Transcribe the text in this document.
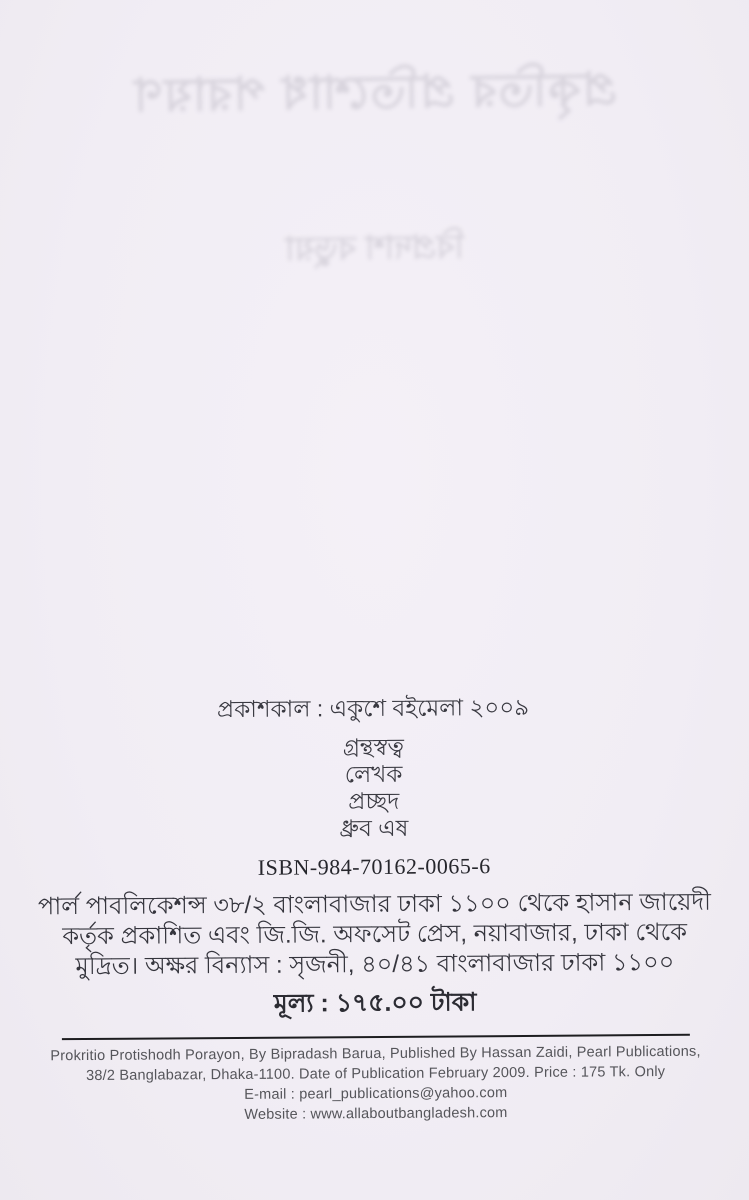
প্রকৃতির প্রতিশোধ পরায়ণ
বিপ্রদাশ বড়ুয়া
প্রকাশকাল : একুশে বইমেলা ২০০৯
গ্রন্থস্বত্ব
লেখক
প্রচ্ছদ
ধ্রুব এষ
ISBN-984-70162-0065-6
পার্ল পাবলিকেশন্স ৩৮/২ বাংলাবাজার ঢাকা ১১০০ থেকে হাসান জায়েদী
কর্তৃক প্রকাশিত এবং জি.জি. অফসেট প্রেস, নয়াবাজার, ঢাকা থেকে
মুদ্রিত। অক্ষর বিন্যাস : সৃজনী, ৪০/৪১ বাংলাবাজার ঢাকা ১১০০
মূল্য : ১৭৫.০০ টাকা
Prokritio Protishodh Porayon, By Bipradash Barua, Published By Hassan Zaidi, Pearl Publications,
38/2 Banglabazar, Dhaka-1100. Date of Publication February 2009. Price : 175 Tk. Only
E-mail : pearl_publications@yahoo.com
Website : www.allaboutbangladesh.com
